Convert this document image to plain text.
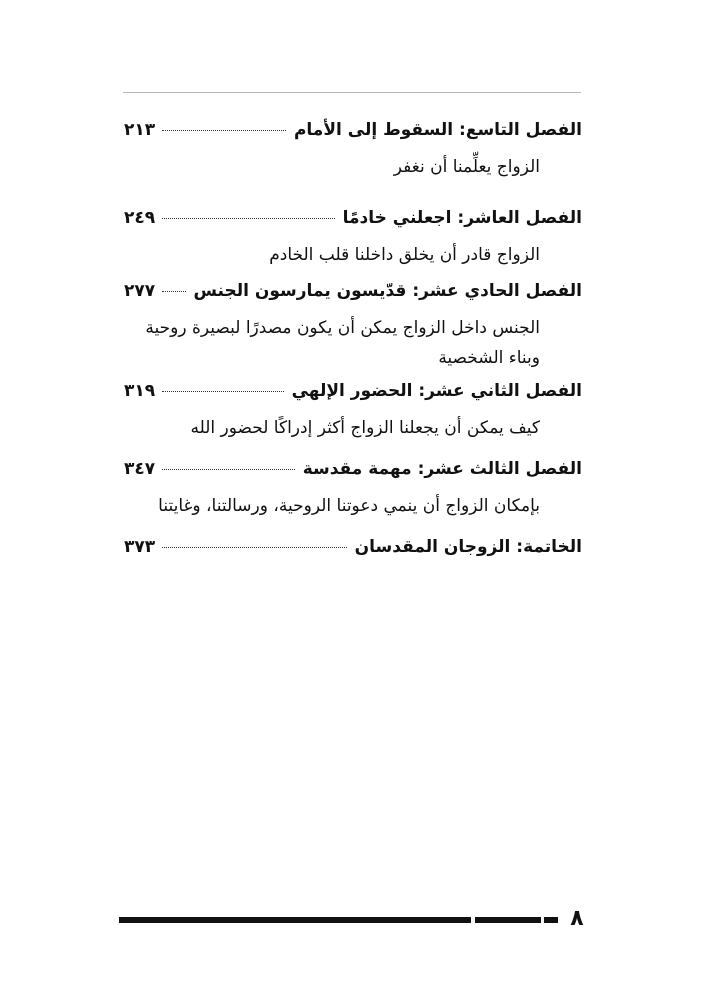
الفصل التاسع: السقوط إلى الأمام
٢١٣
الزواج يعلِّمنا أن نغفر
الفصل العاشر: اجعلني خادمًا
٢٤٩
الزواج قادر أن يخلق داخلنا قلب الخادم
الفصل الحادي عشر: قدّيسون يمارسون الجنس
٢٧٧
الجنس داخل الزواج يمكن أن يكون مصدرًا لبصيرة روحية وبناء الشخصية
الفصل الثاني عشر: الحضور الإلهي
٣١٩
كيف يمكن أن يجعلنا الزواج أكثر إدراكًا لحضور الله
الفصل الثالث عشر: مهمة مقدسة
٣٤٧
بإمكان الزواج أن ينمي دعوتنا الروحية، ورسالتنا، وغايتنا
الخاتمة: الزوجان المقدسان
٣٧٣
٨
